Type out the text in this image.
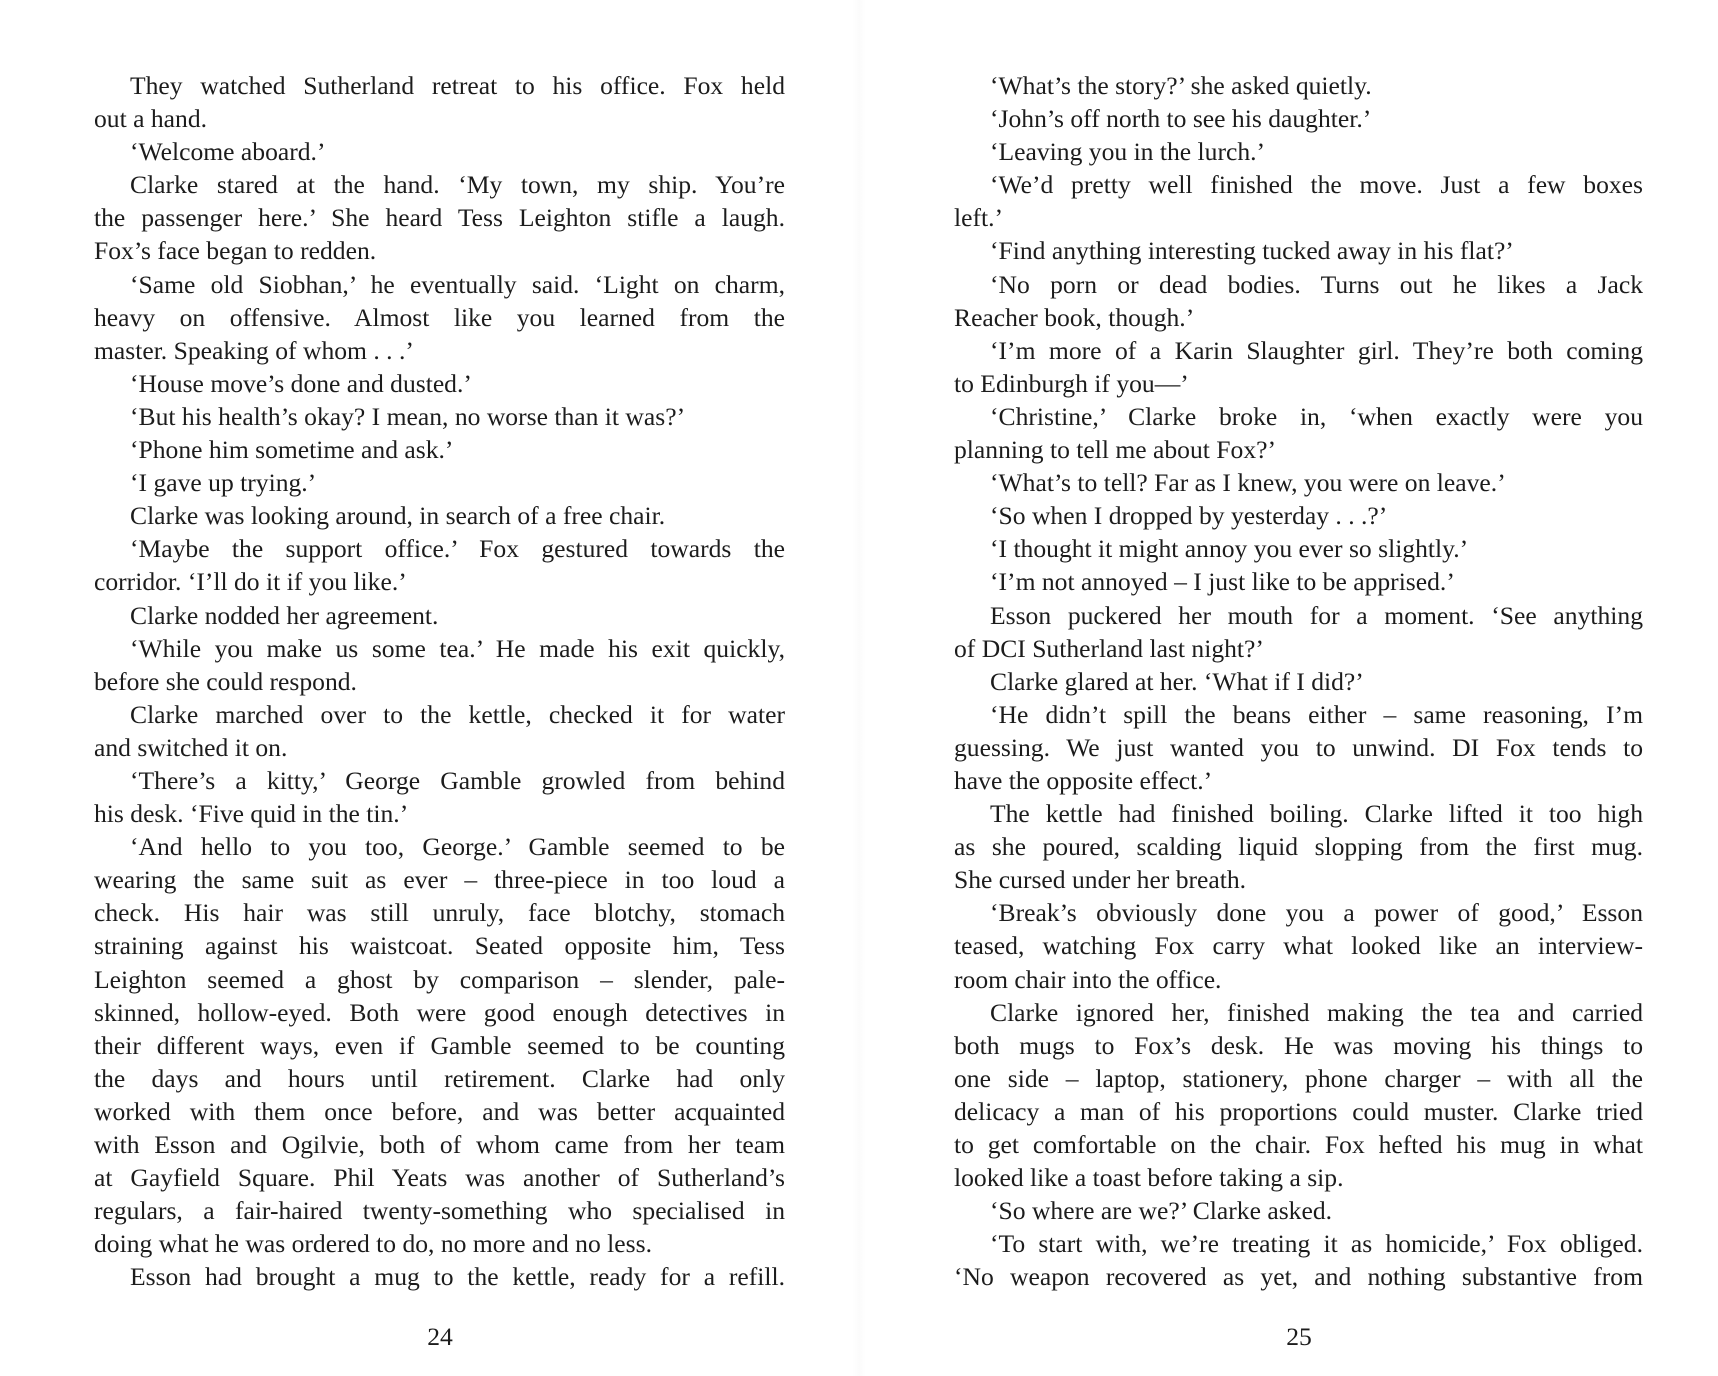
They watched Sutherland retreat to his office. Fox held
out a hand.
‘Welcome aboard.’
Clarke stared at the hand. ‘My town, my ship. You’re
the passenger here.’ She heard Tess Leighton stifle a laugh.
Fox’s face began to redden.
‘Same old Siobhan,’ he eventually said. ‘Light on charm,
heavy on offensive. Almost like you learned from the
master. Speaking of whom . . .’
‘House move’s done and dusted.’
‘But his health’s okay? I mean, no worse than it was?’
‘Phone him sometime and ask.’
‘I gave up trying.’
Clarke was looking around, in search of a free chair.
‘Maybe the support office.’ Fox gestured towards the
corridor. ‘I’ll do it if you like.’
Clarke nodded her agreement.
‘While you make us some tea.’ He made his exit quickly,
before she could respond.
Clarke marched over to the kettle, checked it for water
and switched it on.
‘There’s a kitty,’ George Gamble growled from behind
his desk. ‘Five quid in the tin.’
‘And hello to you too, George.’ Gamble seemed to be
wearing the same suit as ever – three-piece in too loud a
check. His hair was still unruly, face blotchy, stomach
straining against his waistcoat. Seated opposite him, Tess
Leighton seemed a ghost by comparison – slender, pale-
skinned, hollow-eyed. Both were good enough detectives in
their different ways, even if Gamble seemed to be counting
the days and hours until retirement. Clarke had only
worked with them once before, and was better acquainted
with Esson and Ogilvie, both of whom came from her team
at Gayfield Square. Phil Yeats was another of Sutherland’s
regulars, a fair-haired twenty-something who specialised in
doing what he was ordered to do, no more and no less.
Esson had brought a mug to the kettle, ready for a refill.
24
‘What’s the story?’ she asked quietly.
‘John’s off north to see his daughter.’
‘Leaving you in the lurch.’
‘We’d pretty well finished the move. Just a few boxes
left.’
‘Find anything interesting tucked away in his flat?’
‘No porn or dead bodies. Turns out he likes a Jack
Reacher book, though.’
‘I’m more of a Karin Slaughter girl. They’re both coming
to Edinburgh if you—’
‘Christine,’ Clarke broke in, ‘when exactly were you
planning to tell me about Fox?’
‘What’s to tell? Far as I knew, you were on leave.’
‘So when I dropped by yesterday . . .?’
‘I thought it might annoy you ever so slightly.’
‘I’m not annoyed – I just like to be apprised.’
Esson puckered her mouth for a moment. ‘See anything
of DCI Sutherland last night?’
Clarke glared at her. ‘What if I did?’
‘He didn’t spill the beans either – same reasoning, I’m
guessing. We just wanted you to unwind. DI Fox tends to
have the opposite effect.’
The kettle had finished boiling. Clarke lifted it too high
as she poured, scalding liquid slopping from the first mug.
She cursed under her breath.
‘Break’s obviously done you a power of good,’ Esson
teased, watching Fox carry what looked like an interview-
room chair into the office.
Clarke ignored her, finished making the tea and carried
both mugs to Fox’s desk. He was moving his things to
one side – laptop, stationery, phone charger – with all the
delicacy a man of his proportions could muster. Clarke tried
to get comfortable on the chair. Fox hefted his mug in what
looked like a toast before taking a sip.
‘So where are we?’ Clarke asked.
‘To start with, we’re treating it as homicide,’ Fox obliged.
‘No weapon recovered as yet, and nothing substantive from
25
